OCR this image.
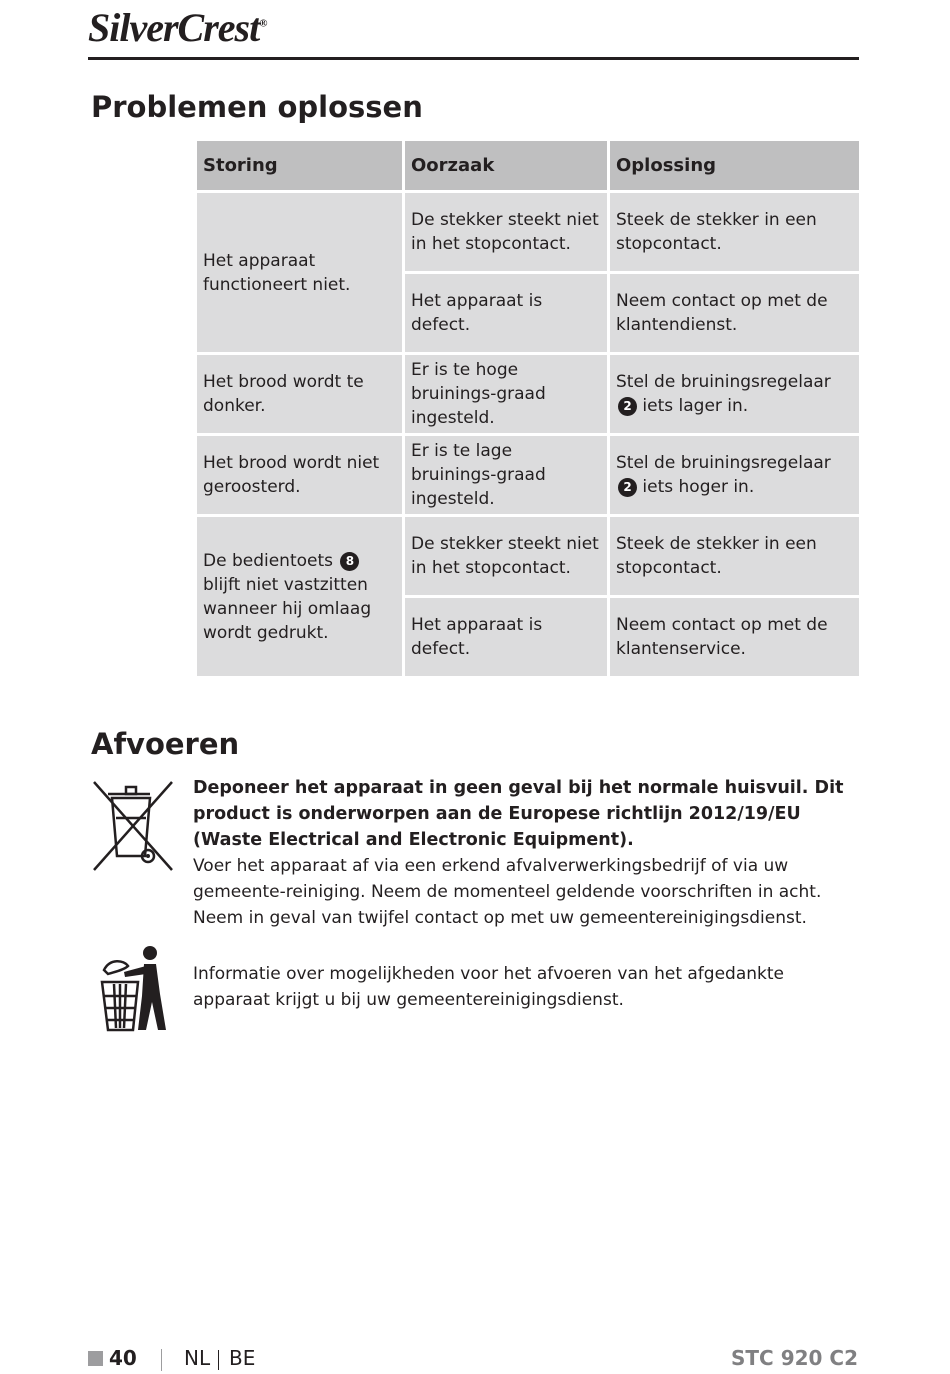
SilverCrest®
Problemen oplossen
Storing	Oorzaak	Oplossing
Het apparaat functioneert niet.	De stekker steekt niet in het stopcontact.	Steek de stekker in een stopcontact.
	Het apparaat is defect.	Neem contact op met de klantendienst.
Het brood wordt te donker.	Er is te hoge bruinings-graad ingesteld.	Stel de bruiningsregelaar 2 iets lager in.
Het brood wordt niet geroosterd.	Er is te lage bruinings-graad ingesteld.	Stel de bruiningsregelaar 2 iets hoger in.
De bedientoets 8 blijft niet vastzitten wanneer hij omlaag wordt gedrukt.	De stekker steekt niet in het stopcontact.	Steek de stekker in een stopcontact.
	Het apparaat is defect.	Neem contact op met de klantenservice.
Afvoeren
Deponeer het apparaat in geen geval bij het normale huisvuil. Dit product is onderworpen aan de Europese richtlijn 2012/19/EU (Waste Electrical and Electronic Equipment).
Voer het apparaat af via een erkend afvalverwerkingsbedrijf of via uw gemeente-reiniging. Neem de momenteel geldende voorschriften in acht. Neem in geval van twijfel contact op met uw gemeentereinigingsdienst.
Informatie over mogelijkheden voor het afvoeren van het afgedankte apparaat krijgt u bij uw gemeentereinigingsdienst.
40 NL BE	STC 920 C2
